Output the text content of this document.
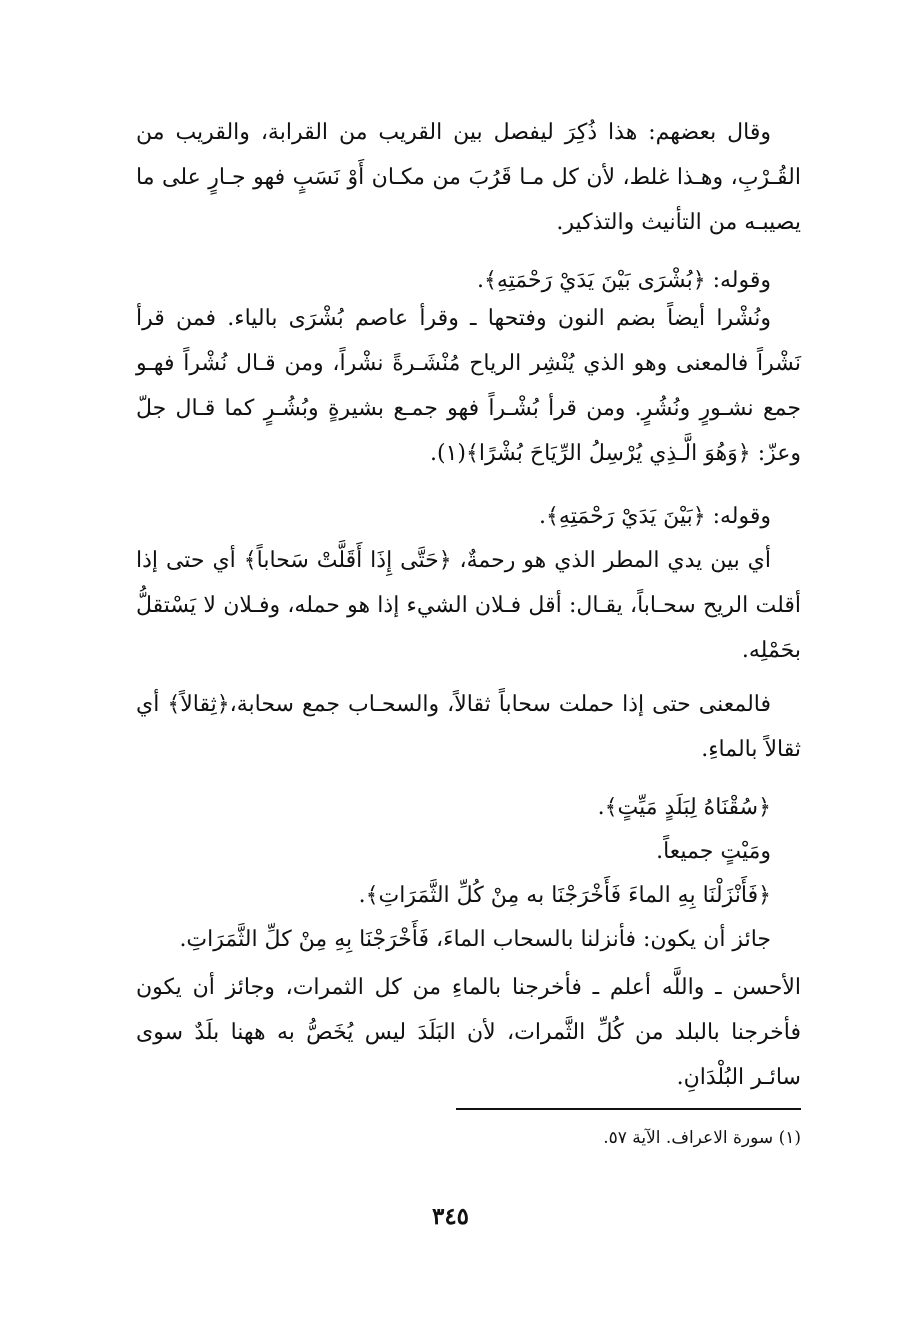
وقال بعضهم: هذا ذُكِرَ ليفصل بين القريب من القرابة، والقريب من القُـرْبِ، وهـذا غلط، لأن كل مـا قَرُبَ من مكـان أَوْ نَسَبٍ فهو جـارٍ على ما يصيبـه من التأنيث والتذكير.
وقوله: ﴿بُشْرَى بَيْنَ يَدَيْ رَحْمَتِهِ﴾.
ونُشْرا أيضاً بضم النون وفتحها ـ وقرأ عاصم بُشْرَى بالياء. فمن قرأ نَشْراً فالمعنى وهو الذي يُنْشِر الرياح مُنْشَـرةً نشْراً، ومن قـال نُشْراً فهـو جمع نشـورٍ ونُشُرٍ. ومن قرأ بُشْـراً فهو جمـع بشيرةٍ وبُشُـرٍ كما قـال جلّ وعزّ: ﴿وَهُوَ الَّـذِي يُرْسِلُ الرِّيَاحَ بُشْرًا﴾(١).
وقوله: ﴿بَيْنَ يَدَيْ رَحْمَتِهِ﴾.
أي بين يدي المطر الذي هو رحمةٌ، ﴿حَتَّى إِذَا أَقَلَّتْ سَحاباً﴾ أي حتى إذا أقلت الريح سحـاباً، يقـال: أقل فـلان الشيء إذا هو حمله، وفـلان لا يَسْتقلُّ بحَمْلِه.
فالمعنى حتى إذا حملت سحاباً ثقالاً، والسحـاب جمع سحابة،﴿ثِقالاً﴾ أي ثقالاً بالماءِ.
﴿سُقْنَاهُ لِبَلَدٍ مَيِّتٍ﴾.
ومَيْتٍ جميعاً.
﴿فَأَنْزَلْنَا بِهِ الماءَ فَأَخْرَجْنَا به مِنْ كُلِّ الثَّمَرَاتِ﴾.
جائز أن يكون: فأنزلنا بالسحاب الماءَ، فَأَخْرَجْنَا بِهِ مِنْ كلِّ الثَّمَرَاتِ.
الأحسن ـ واللَّه أعلم ـ فأخرجنا بالماءِ من كل الثمرات، وجائز أن يكون فأخرجنا بالبلد من كُلِّ الثَّمرات، لأن البَلَدَ ليس يُخَصُّ به ههنا بلَدٌ سوى سائـر البُلْدَانِ.
(١) سورة الاعراف. الآية ٥٧.
٣٤٥
